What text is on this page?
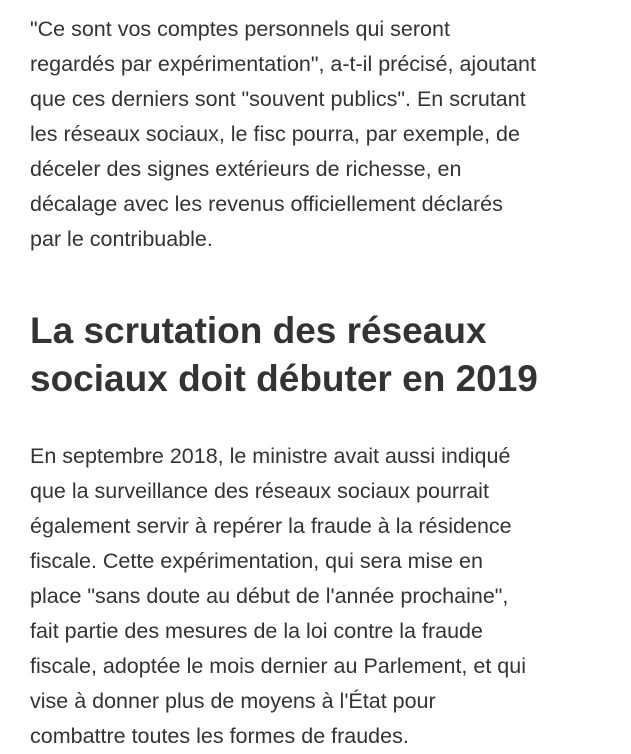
"Ce sont vos comptes personnels qui seront
regardés par expérimentation", a-t-il précisé, ajoutant
que ces derniers sont "souvent publics". En scrutant
les réseaux sociaux, le fisc pourra, par exemple, de
déceler des signes extérieurs de richesse, en
décalage avec les revenus officiellement déclarés
par le contribuable.

La scrutation des réseaux
sociaux doit débuter en 2019

En septembre 2018, le ministre avait aussi indiqué
que la surveillance des réseaux sociaux pourrait
également servir à repérer la fraude à la résidence
fiscale. Cette expérimentation, qui sera mise en
place "sans doute au début de l'année prochaine",
fait partie des mesures de la loi contre la fraude
fiscale, adoptée le mois dernier au Parlement, et qui
vise à donner plus de moyens à l'État pour
combattre toutes les formes de fraudes.
